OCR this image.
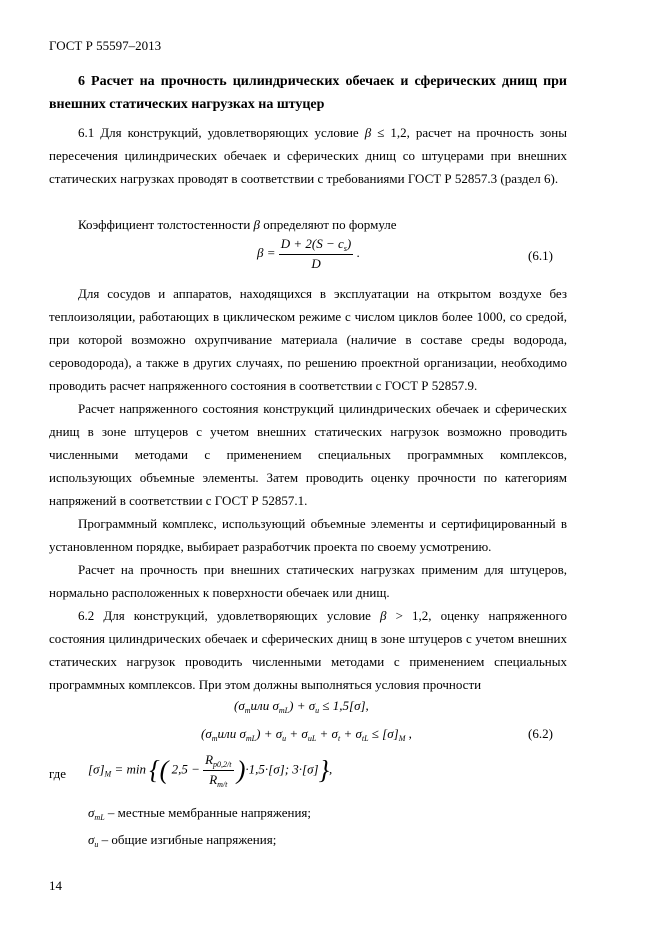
ГОСТ Р 55597–2013
6 Расчет на прочность цилиндрических обечаек и сферических днищ при внешних статических нагрузках на штуцер

6.1 Для конструкций, удовлетворяющих условие β ≤ 1,2, расчет на прочность зоны пересечения цилиндрических обечаек и сферических днищ со штуцерами при внешних статических нагрузках проводят в соответствии с требованиями ГОСТ Р 52857.3 (раздел 6).

Коэффициент толстостенности β определяют по формуле

$\beta = \frac{D + 2(S - c_s)}{D}$ .	(6.1)

Для сосудов и аппаратов, находящихся в эксплуатации на открытом воздухе без теплоизоляции, работающих в циклическом режиме с числом циклов более 1000, со средой, при которой возможно охрупчивание материала (наличие в составе среды водорода, сероводорода), а также в других случаях, по решению проектной организации, необходимо проводить расчет напряженного состояния в соответствии с ГОСТ Р 52857.9.

Расчет напряженного состояния конструкций цилиндрических обечаек и сферических днищ в зоне штуцеров с учетом внешних статических нагрузок возможно проводить численными методами с применением специальных программных комплексов, использующих объемные элементы. Затем проводить оценку прочности по категориям напряжений в соответствии с ГОСТ Р 52857.1.

Программный комплекс, использующий объемные элементы и сертифицированный в установленном порядке, выбирает разработчик проекта по своему усмотрению.

Расчет на прочность при внешних статических нагрузках применим для штуцеров, нормально расположенных к поверхности обечаек или днищ.

6.2 Для конструкций, удовлетворяющих условие β > 1,2, оценку напряженного состояния цилиндрических обечаек и сферических днищ в зоне штуцеров с учетом внешних статических нагрузок проводить численными методами с применением специальных программных комплексов. При этом должны выполняться условия прочности

($\sigma_mили$ $\sigma_{mL}) + \sigma_u \le 1,5[\sigma]$,
($\sigma_mили$ $\sigma_{mL}) + \sigma_u + \sigma_{uL} + \sigma_t + \sigma_{tL} \le [\sigma]_M$ ,	(6.2)
где $[\sigma]_M = \min$ {( $2,5 - \frac{R_{p0,2/t}}{R_{m/t}} )\cdot 1,5\cdot[\sigma]$; 3·[σ]},
$\sigma_{mL}$ – местные мембранные напряжения;
$\sigma_u$ – общие изгибные напряжения;
14
